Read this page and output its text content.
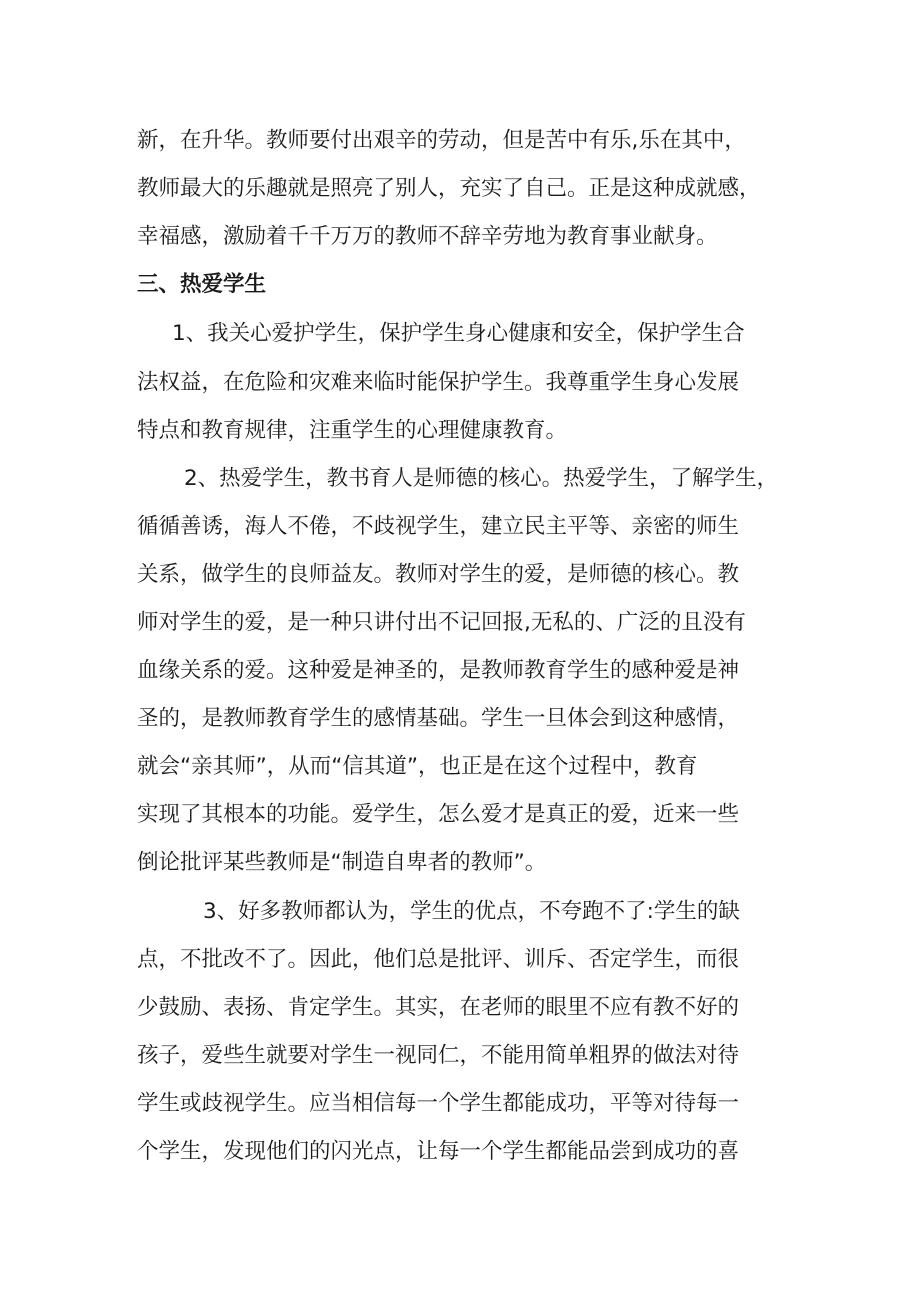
新，在升华。教师要付出艰辛的劳动，但是苦中有乐,乐在其中，
教师最大的乐趣就是照亮了别人，充实了自己。正是这种成就感，
幸福感，激励着千千万万的教师不辞辛劳地为教育事业献身。
三、热爱学生
1、我关心爱护学生，保护学生身心健康和安全，保护学生合
法权益，在危险和灾难来临时能保护学生。我尊重学生身心发展
特点和教育规律，注重学生的心理健康教育。
2、热爱学生，教书育人是师德的核心。热爱学生，了解学生，
循循善诱，海人不倦，不歧视学生，建立民主平等、亲密的师生
关系，做学生的良师益友。教师对学生的爱，是师德的核心。教
师对学生的爱，是一种只讲付出不记回报,无私的、广泛的且没有
血缘关系的爱。这种爱是神圣的，是教师教育学生的感种爱是神
圣的，是教师教育学生的感情基础。学生一旦体会到这种感情，
就会“亲其师”，从而“信其道”，也正是在这个过程中，教育
实现了其根本的功能。爱学生，怎么爱才是真正的爱，近来一些
倒论批评某些教师是“制造自卑者的教师”。
3、好多教师都认为，学生的优点，不夸跑不了:学生的缺
点，不批改不了。因此，他们总是批评、训斥、否定学生，而很
少鼓励、表扬、肯定学生。其实，在老师的眼里不应有教不好的
孩子，爱些生就要对学生一视同仁，不能用简单粗界的做法对待
学生或歧视学生。应当相信每一个学生都能成功，平等对待每一
个学生，发现他们的闪光点，让每一个学生都能品尝到成功的喜
